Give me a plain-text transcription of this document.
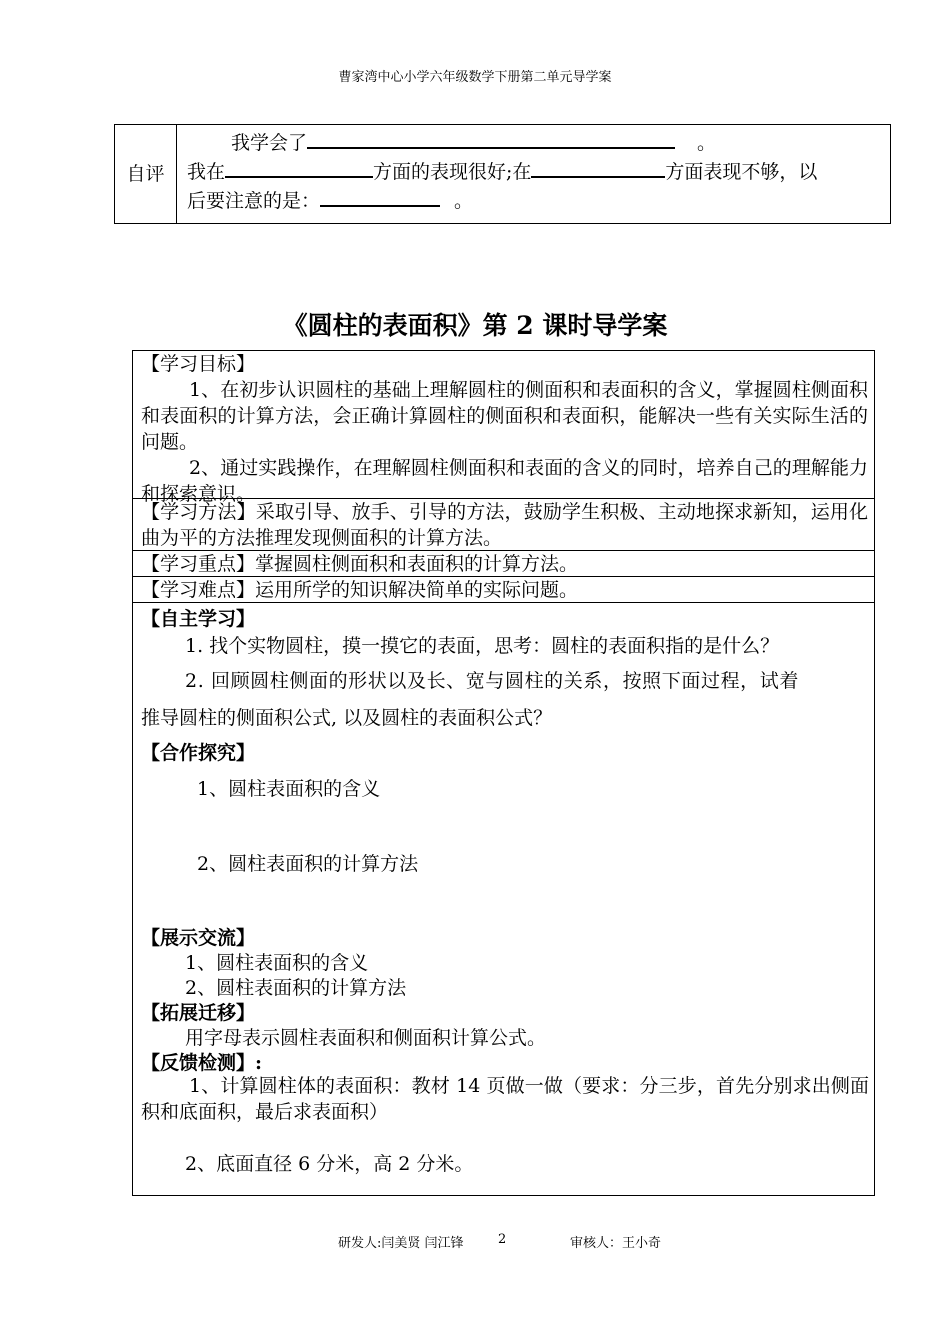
曹家湾中心小学六年级数学下册第二单元导学案
自评
我学会了	。
我在	方面的表现很好;在	方面表现不够，以
后要注意的是：	。
《圆柱的表面积》第 2 课时导学案
【学习目标】
1、在初步认识圆柱的基础上理解圆柱的侧面积和表面积的含义，掌握圆柱侧面积和表面积的计算方法，会正确计算圆柱的侧面积和表面积，能解决一些有关实际生活的问题。
2、通过实践操作，在理解圆柱侧面积和表面的含义的同时，培养自己的理解能力和探索意识。
【学习方法】采取引导、放手、引导的方法，鼓励学生积极、主动地探求新知，运用化曲为平的方法推理发现侧面积的计算方法。
【学习重点】掌握圆柱侧面积和表面积的计算方法。
【学习难点】运用所学的知识解决简单的实际问题。
【自主学习】
1. 找个实物圆柱，摸一摸它的表面，思考：圆柱的表面积指的是什么？
2. 回顾圆柱侧面的形状以及长、宽与圆柱的关系，按照下面过程，试着
推导圆柱的侧面积公式, 以及圆柱的表面积公式？
【合作探究】
1、圆柱表面积的含义
2、圆柱表面积的计算方法
【展示交流】
1、圆柱表面积的含义
2、圆柱表面积的计算方法
【拓展迁移】
用字母表示圆柱表面积和侧面积计算公式。
【反馈检测】:
1、计算圆柱体的表面积：教材 14 页做一做（要求：分三步，首先分别求出侧面积和底面积，最后求表面积）
2、底面直径 6 分米，高 2 分米。
研发人:闫美贤 闫江锋	2	审核人：王小奇
